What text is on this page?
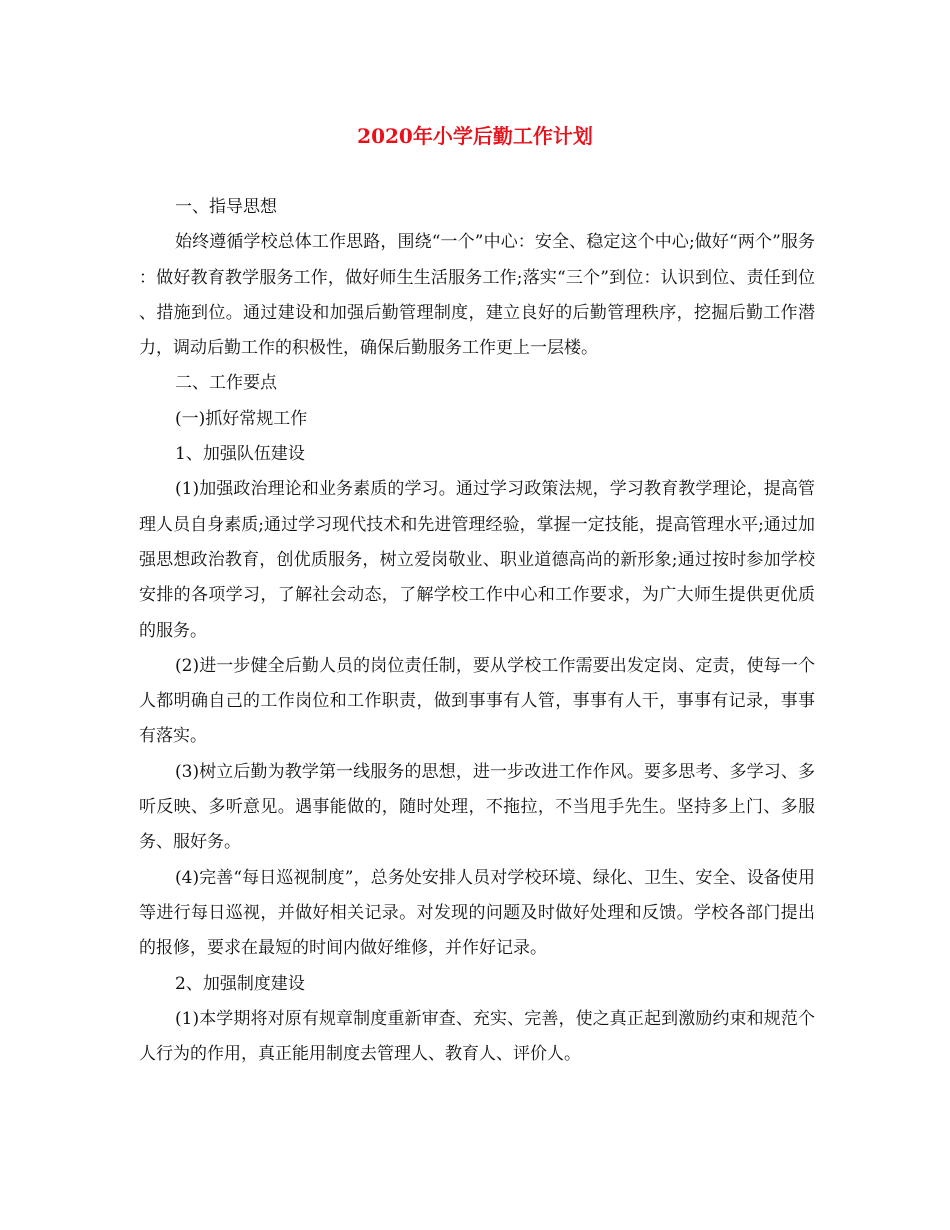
2020年小学后勤工作计划

一、指导思想

始终遵循学校总体工作思路，围绕“一个”中心：安全、稳定这个中心;做好“两个”服务：做好教育教学服务工作，做好师生生活服务工作;落实“三个”到位：认识到位、责任到位、措施到位。通过建设和加强后勤管理制度，建立良好的后勤管理秩序，挖掘后勤工作潜力，调动后勤工作的积极性，确保后勤服务工作更上一层楼。

二、工作要点

(一)抓好常规工作

1、加强队伍建设

(1)加强政治理论和业务素质的学习。通过学习政策法规，学习教育教学理论，提高管理人员自身素质;通过学习现代技术和先进管理经验，掌握一定技能，提高管理水平;通过加强思想政治教育，创优质服务，树立爱岗敬业、职业道德高尚的新形象;通过按时参加学校安排的各项学习，了解社会动态，了解学校工作中心和工作要求，为广大师生提供更优质的服务。

(2)进一步健全后勤人员的岗位责任制，要从学校工作需要出发定岗、定责，使每一个人都明确自己的工作岗位和工作职责，做到事事有人管，事事有人干，事事有记录，事事有落实。

(3)树立后勤为教学第一线服务的思想，进一步改进工作作风。要多思考、多学习、多听反映、多听意见。遇事能做的，随时处理，不拖拉，不当甩手先生。坚持多上门、多服务、服好务。

(4)完善“每日巡视制度”，总务处安排人员对学校环境、绿化、卫生、安全、设备使用等进行每日巡视，并做好相关记录。对发现的问题及时做好处理和反馈。学校各部门提出的报修，要求在最短的时间内做好维修，并作好记录。

2、加强制度建设

(1)本学期将对原有规章制度重新审查、充实、完善，使之真正起到激励约束和规范个人行为的作用，真正能用制度去管理人、教育人、评价人。
